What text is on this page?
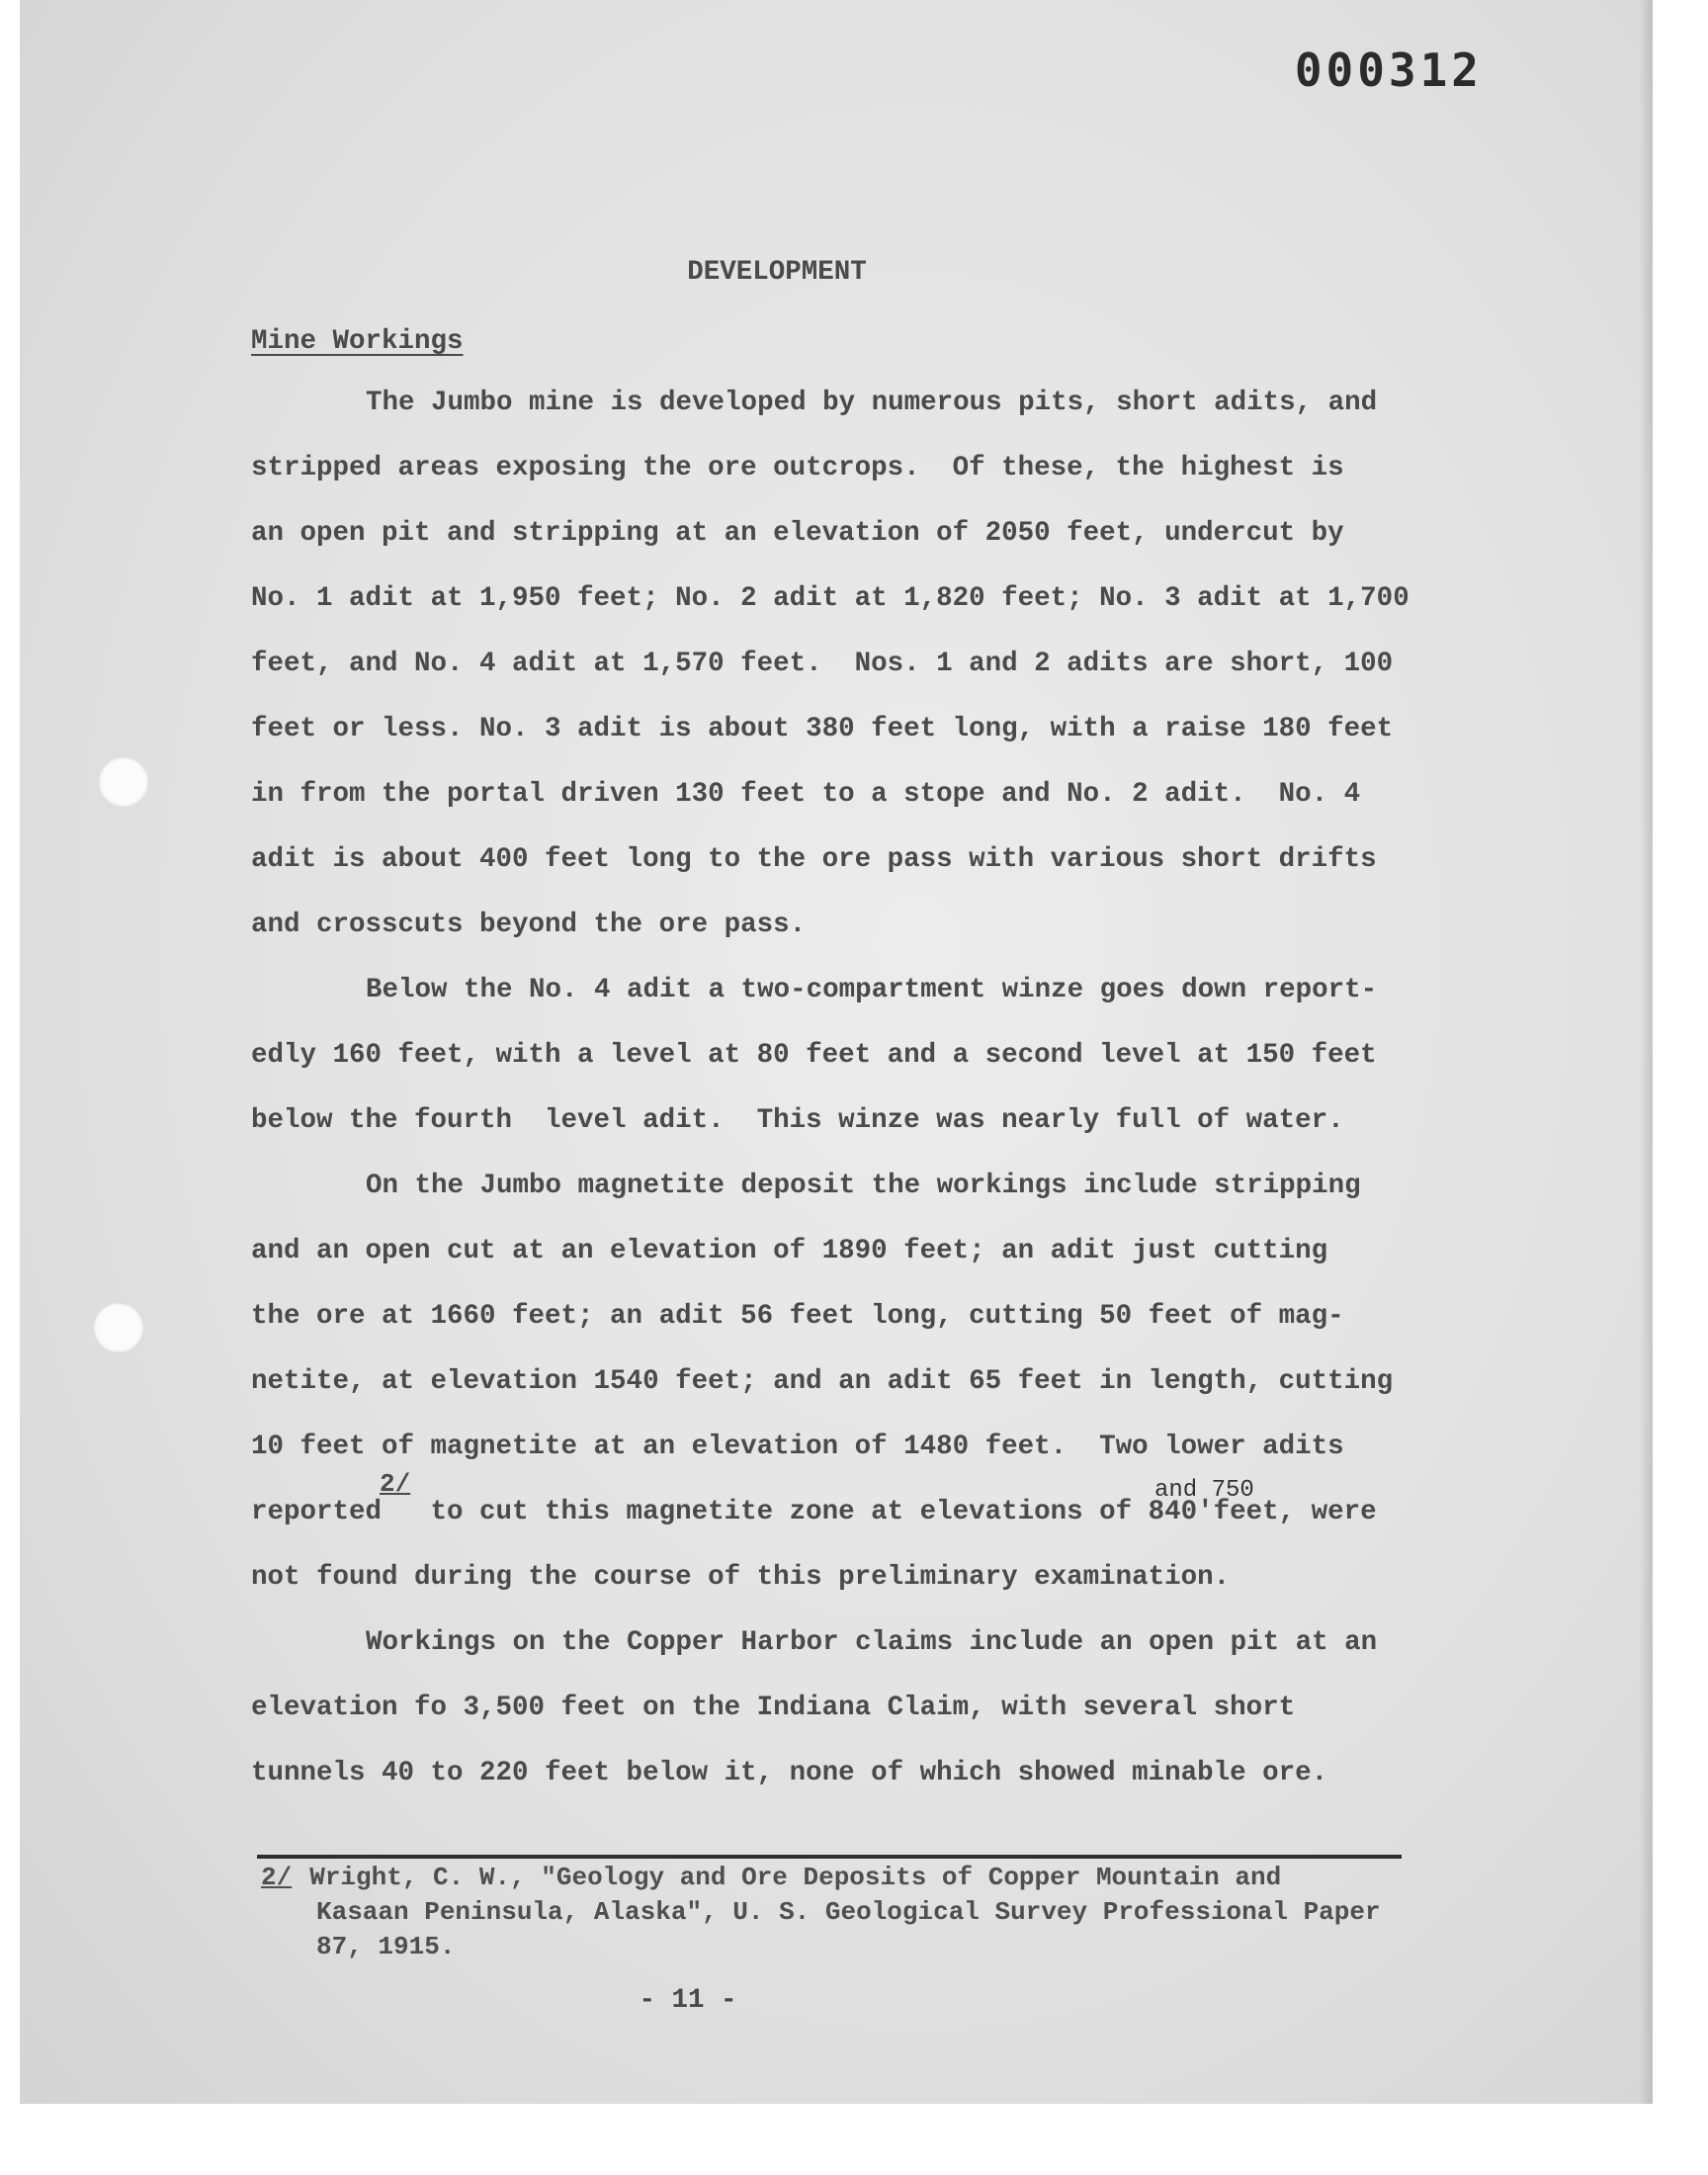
000312
DEVELOPMENT
Mine Workings
The Jumbo mine is developed by numerous pits, short adits, and
stripped areas exposing the ore outcrops.  Of these, the highest is
an open pit and stripping at an elevation of 2050 feet, undercut by
No. 1 adit at 1,950 feet; No. 2 adit at 1,820 feet; No. 3 adit at 1,700
feet, and No. 4 adit at 1,570 feet.  Nos. 1 and 2 adits are short, 100
feet or less. No. 3 adit is about 380 feet long, with a raise 180 feet
in from the portal driven 130 feet to a stope and No. 2 adit.  No. 4
adit is about 400 feet long to the ore pass with various short drifts
and crosscuts beyond the ore pass.
Below the No. 4 adit a two-compartment winze goes down report-
edly 160 feet, with a level at 80 feet and a second level at 150 feet
below the fourth  level adit.  This winze was nearly full of water.
On the Jumbo magnetite deposit the workings include stripping
and an open cut at an elevation of 1890 feet; an adit just cutting
the ore at 1660 feet; an adit 56 feet long, cutting 50 feet of mag-
netite, at elevation 1540 feet; and an adit 65 feet in length, cutting
10 feet of magnetite at an elevation of 1480 feet.  Two lower adits
reported   to cut this magnetite zone at elevations of 840'feet, were
not found during the course of this preliminary examination.
Workings on the Copper Harbor claims include an open pit at an
elevation fo 3,500 feet on the Indiana Claim, with several short
tunnels 40 to 220 feet below it, none of which showed minable ore.
2/	and 750
2/ Wright, C. W., "Geology and Ore Deposits of Copper Mountain and
Kasaan Peninsula, Alaska", U. S. Geological Survey Professional Paper
87, 1915.
- 11 -
